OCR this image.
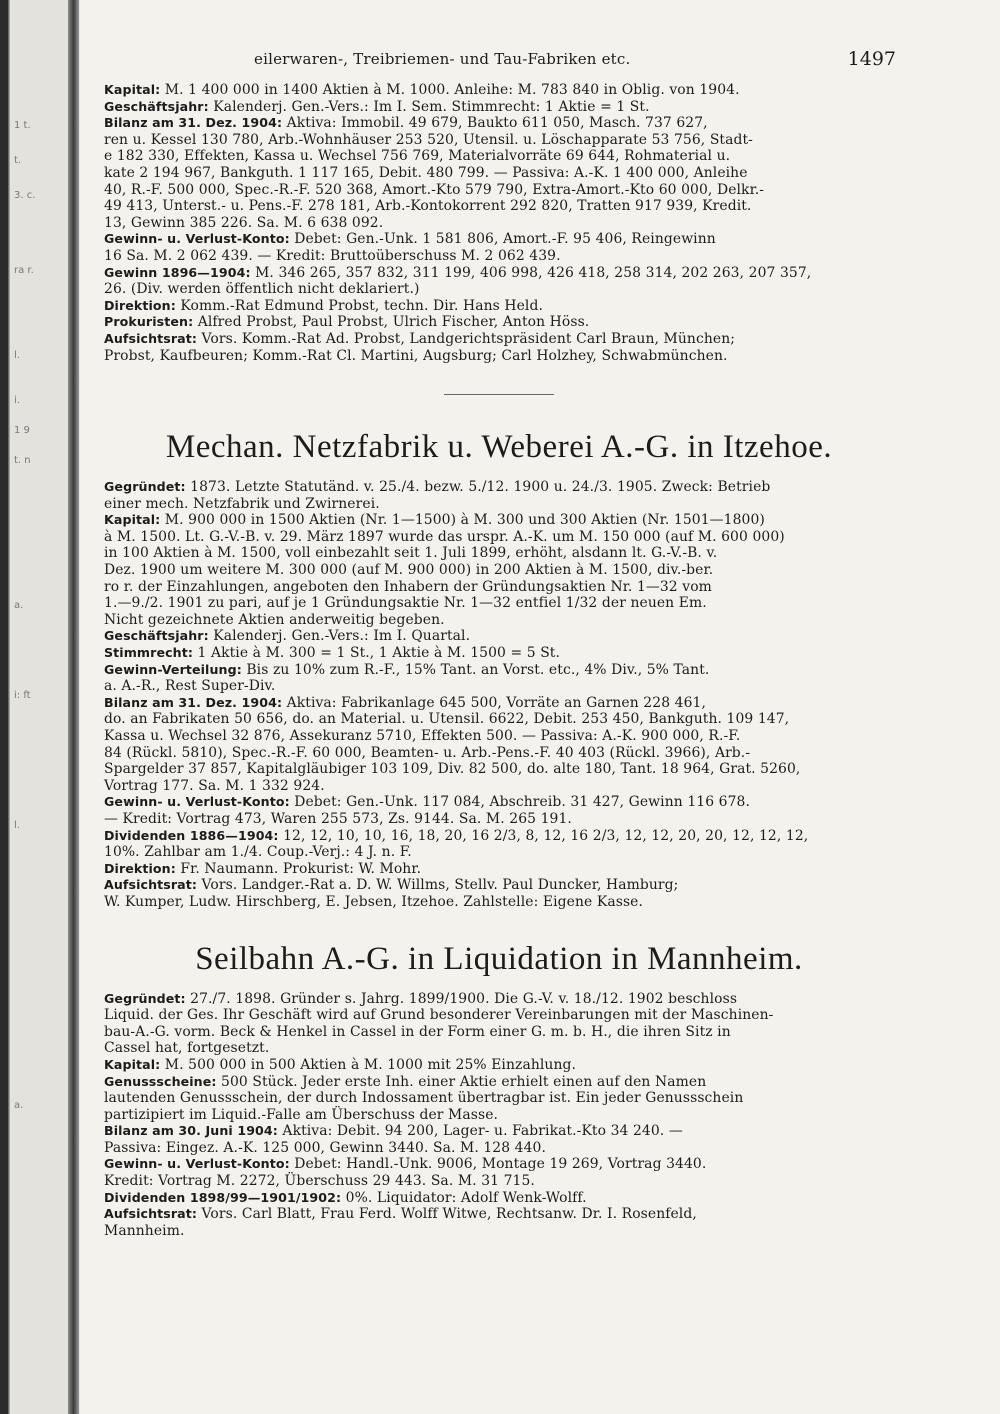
1 t.
t.
3. c.
ra r.
l.
i.
1 9
t. n
a.
i: ft
l.
a.
eilerwaren-, Treibriemen- und Tau-Fabriken etc.	1497

Kapital: M. 1 400 000 in 1400 Aktien à M. 1000. Anleihe: M. 783 840 in Oblig. von 1904.

Geschäftsjahr: Kalenderj. Gen.-Vers.: Im I. Sem. Stimmrecht: 1 Aktie = 1 St.

Bilanz am 31. Dez. 1904: Aktiva: Immobil. 49 679, Baukto 611 050, Masch. 737 627,

ren u. Kessel 130 780, Arb.-Wohnhäuser 253 520, Utensil. u. Löschapparate 53 756, Stadt-

e 182 330, Effekten, Kassa u. Wechsel 756 769, Materialvorräte 69 644, Rohmaterial u.

kate 2 194 967, Bankguth. 1 117 165, Debit. 480 799. — Passiva: A.-K. 1 400 000, Anleihe

40, R.-F. 500 000, Spec.-R.-F. 520 368, Amort.-Kto 579 790, Extra-Amort.-Kto 60 000, Delkr.-

49 413, Unterst.- u. Pens.-F. 278 181, Arb.-Kontokorrent 292 820, Tratten 917 939, Kredit.

13, Gewinn 385 226. Sa. M. 6 638 092.

Gewinn- u. Verlust-Konto: Debet: Gen.-Unk. 1 581 806, Amort.-F. 95 406, Reingewinn

16 Sa. M. 2 062 439. — Kredit: Bruttoüberschuss M. 2 062 439.

Gewinn 1896—1904: M. 346 265, 357 832, 311 199, 406 998, 426 418, 258 314, 202 263, 207 357,

26. (Div. werden öffentlich nicht deklariert.)

Direktion: Komm.-Rat Edmund Probst, techn. Dir. Hans Held.

Prokuristen: Alfred Probst, Paul Probst, Ulrich Fischer, Anton Höss.

Aufsichtsrat: Vors. Komm.-Rat Ad. Probst, Landgerichtspräsident Carl Braun, München;

Probst, Kaufbeuren; Komm.-Rat Cl. Martini, Augsburg; Carl Holzhey, Schwabmünchen.

Mechan. Netzfabrik u. Weberei A.-G. in Itzehoe.

Gegründet: 1873. Letzte Statutänd. v. 25./4. bezw. 5./12. 1900 u. 24./3. 1905. Zweck: Betrieb

einer mech. Netzfabrik und Zwirnerei.

Kapital: M. 900 000 in 1500 Aktien (Nr. 1—1500) à M. 300 und 300 Aktien (Nr. 1501—1800)

à M. 1500. Lt. G.-V.-B. v. 29. März 1897 wurde das urspr. A.-K. um M. 150 000 (auf M. 600 000)

in 100 Aktien à M. 1500, voll einbezahlt seit 1. Juli 1899, erhöht, alsdann lt. G.-V.-B. v.

Dez. 1900 um weitere M. 300 000 (auf M. 900 000) in 200 Aktien à M. 1500, div.-ber.

ro r. der Einzahlungen, angeboten den Inhabern der Gründungsaktien Nr. 1—32 vom

1.—9./2. 1901 zu pari, auf je 1 Gründungsaktie Nr. 1—32 entfiel 1/32 der neuen Em.

Nicht gezeichnete Aktien anderweitig begeben.

Geschäftsjahr: Kalenderj. Gen.-Vers.: Im I. Quartal.

Stimmrecht: 1 Aktie à M. 300 = 1 St., 1 Aktie à M. 1500 = 5 St.

Gewinn-Verteilung: Bis zu 10% zum R.-F., 15% Tant. an Vorst. etc., 4% Div., 5% Tant.

a. A.-R., Rest Super-Div.

Bilanz am 31. Dez. 1904: Aktiva: Fabrikanlage 645 500, Vorräte an Garnen 228 461,

do. an Fabrikaten 50 656, do. an Material. u. Utensil. 6622, Debit. 253 450, Bankguth. 109 147,

Kassa u. Wechsel 32 876, Assekuranz 5710, Effekten 500. — Passiva: A.-K. 900 000, R.-F.

84 (Rückl. 5810), Spec.-R.-F. 60 000, Beamten- u. Arb.-Pens.-F. 40 403 (Rückl. 3966), Arb.-

Spargelder 37 857, Kapitalgläubiger 103 109, Div. 82 500, do. alte 180, Tant. 18 964, Grat. 5260,

Vortrag 177. Sa. M. 1 332 924.

Gewinn- u. Verlust-Konto: Debet: Gen.-Unk. 117 084, Abschreib. 31 427, Gewinn 116 678.

— Kredit: Vortrag 473, Waren 255 573, Zs. 9144. Sa. M. 265 191.

Dividenden 1886—1904: 12, 12, 10, 10, 16, 18, 20, 16 2/3, 8, 12, 16 2/3, 12, 12, 20, 20, 12, 12, 12,

10%. Zahlbar am 1./4. Coup.-Verj.: 4 J. n. F.

Direktion: Fr. Naumann. Prokurist: W. Mohr.

Aufsichtsrat: Vors. Landger.-Rat a. D. W. Willms, Stellv. Paul Duncker, Hamburg;

W. Kumper, Ludw. Hirschberg, E. Jebsen, Itzehoe. Zahlstelle: Eigene Kasse.

Seilbahn A.-G. in Liquidation in Mannheim.

Gegründet: 27./7. 1898. Gründer s. Jahrg. 1899/1900. Die G.-V. v. 18./12. 1902 beschloss

Liquid. der Ges. Ihr Geschäft wird auf Grund besonderer Vereinbarungen mit der Maschinen-

bau-A.-G. vorm. Beck & Henkel in Cassel in der Form einer G. m. b. H., die ihren Sitz in

Cassel hat, fortgesetzt.

Kapital: M. 500 000 in 500 Aktien à M. 1000 mit 25% Einzahlung.

Genussscheine: 500 Stück. Jeder erste Inh. einer Aktie erhielt einen auf den Namen

lautenden Genussschein, der durch Indossament übertragbar ist. Ein jeder Genussschein

partizipiert im Liquid.-Falle am Überschuss der Masse.

Bilanz am 30. Juni 1904: Aktiva: Debit. 94 200, Lager- u. Fabrikat.-Kto 34 240. —

Passiva: Eingez. A.-K. 125 000, Gewinn 3440. Sa. M. 128 440.

Gewinn- u. Verlust-Konto: Debet: Handl.-Unk. 9006, Montage 19 269, Vortrag 3440.

Kredit: Vortrag M. 2272, Überschuss 29 443. Sa. M. 31 715.

Dividenden 1898/99—1901/1902: 0%. Liquidator: Adolf Wenk-Wolff.

Aufsichtsrat: Vors. Carl Blatt, Frau Ferd. Wolff Witwe, Rechtsanw. Dr. I. Rosenfeld,

Mannheim.
